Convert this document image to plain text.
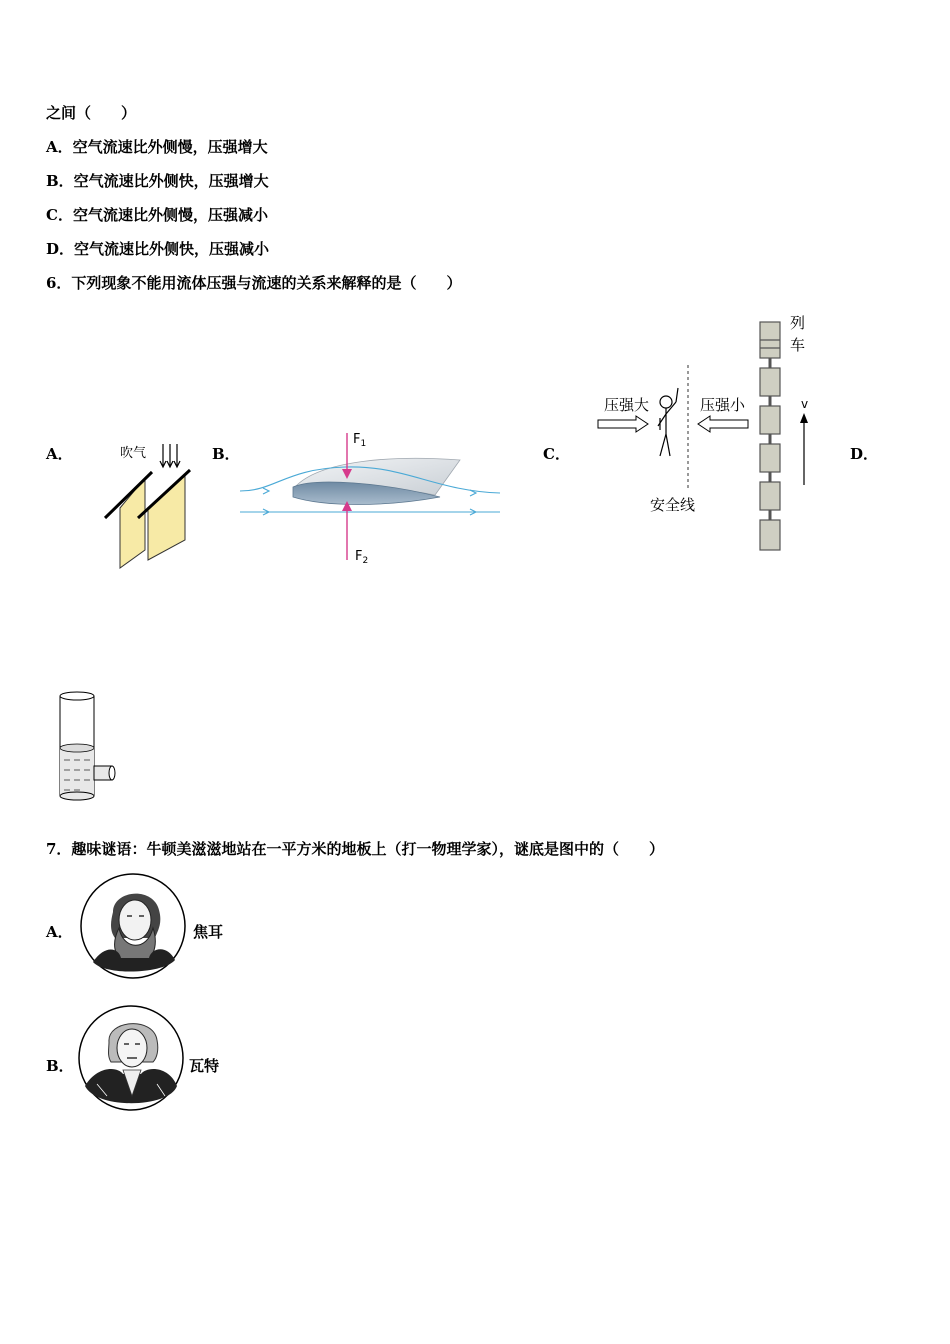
之间（　　）
A．空气流速比外侧慢，压强增大
B．空气流速比外侧快，压强增大
C．空气流速比外侧慢，压强减小
D．空气流速比外侧快，压强减小
6．下列现象不能用流体压强与流速的关系来解释的是（　　）
A．	B．	C．	D．
吹气
$F_1$
$F_2$
压强大	压强小
安全线
列
车
v
7．趣味谜语：牛顿美滋滋地站在一平方米的地板上（打一物理学家），谜底是图中的（　　）
A．	焦耳
B．	瓦特
